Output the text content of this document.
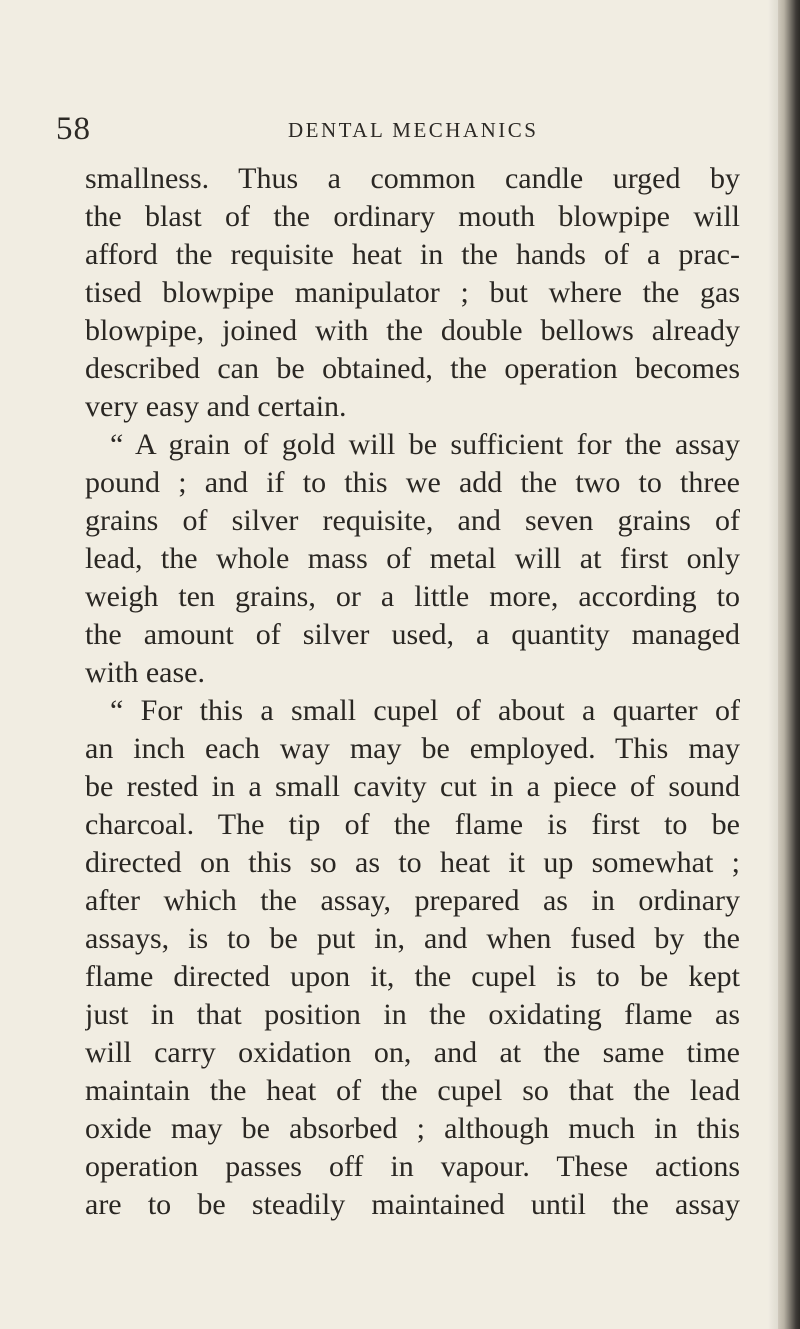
58	DENTAL MECHANICS
smallness. Thus a common candle urged by
the blast of the ordinary mouth blowpipe will
afford the requisite heat in the hands of a prac-
tised blowpipe manipulator ; but where the gas
blowpipe, joined with the double bellows already
described can be obtained, the operation becomes
very easy and certain.
“ A grain of gold will be sufficient for the assay
pound ; and if to this we add the two to three
grains of silver requisite, and seven grains of
lead, the whole mass of metal will at first only
weigh ten grains, or a little more, according to
the amount of silver used, a quantity managed
with ease.
“ For this a small cupel of about a quarter of
an inch each way may be employed. This may
be rested in a small cavity cut in a piece of sound
charcoal. The tip of the flame is first to be
directed on this so as to heat it up somewhat ;
after which the assay, prepared as in ordinary
assays, is to be put in, and when fused by the
flame directed upon it, the cupel is to be kept
just in that position in the oxidating flame as
will carry oxidation on, and at the same time
maintain the heat of the cupel so that the lead
oxide may be absorbed ; although much in this
operation passes off in vapour. These actions
are to be steadily maintained until the assay
